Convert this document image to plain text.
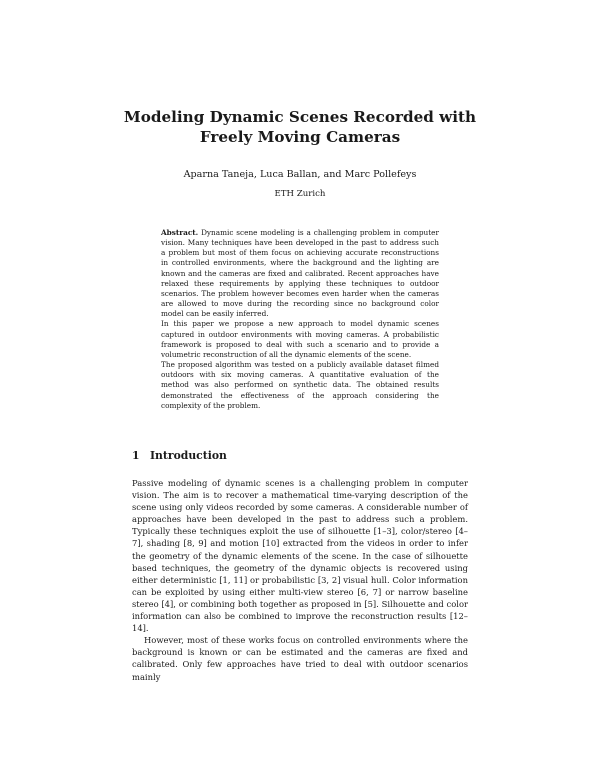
Modeling Dynamic Scenes Recorded with Freely Moving Cameras
Aparna Taneja, Luca Ballan, and Marc Pollefeys
ETH Zurich

Abstract. Dynamic scene modeling is a challenging problem in computer vision. Many techniques have been developed in the past to address such a problem but most of them focus on achieving accurate reconstructions in controlled environments, where the background and the lighting are known and the cameras are fixed and calibrated. Recent approaches have relaxed these requirements by applying these techniques to outdoor scenarios. The problem however becomes even harder when the cameras are allowed to move during the recording since no background color model can be easily inferred.

In this paper we propose a new approach to model dynamic scenes captured in outdoor environments with moving cameras. A probabilistic framework is proposed to deal with such a scenario and to provide a volumetric reconstruction of all the dynamic elements of the scene.

The proposed algorithm was tested on a publicly available dataset filmed outdoors with six moving cameras. A quantitative evaluation of the method was also performed on synthetic data. The obtained results demonstrated the effectiveness of the approach considering the complexity of the problem.

1 Introduction

Passive modeling of dynamic scenes is a challenging problem in computer vision. The aim is to recover a mathematical time-varying description of the scene using only videos recorded by some cameras. A considerable number of approaches have been developed in the past to address such a problem. Typically these techniques exploit the use of silhouette [1–3], color/stereo [4–7], shading [8, 9] and motion [10] extracted from the videos in order to infer the geometry of the dynamic elements of the scene. In the case of silhouette based techniques, the geometry of the dynamic objects is recovered using either deterministic [1, 11] or probabilistic [3, 2] visual hull. Color information can be exploited by using either multi-view stereo [6, 7] or narrow baseline stereo [4], or combining both together as proposed in [5]. Silhouette and color information can also be combined to improve the reconstruction results [12–14].

However, most of these works focus on controlled environments where the background is known or can be estimated and the cameras are fixed and calibrated. Only few approaches have tried to deal with outdoor scenarios mainly
